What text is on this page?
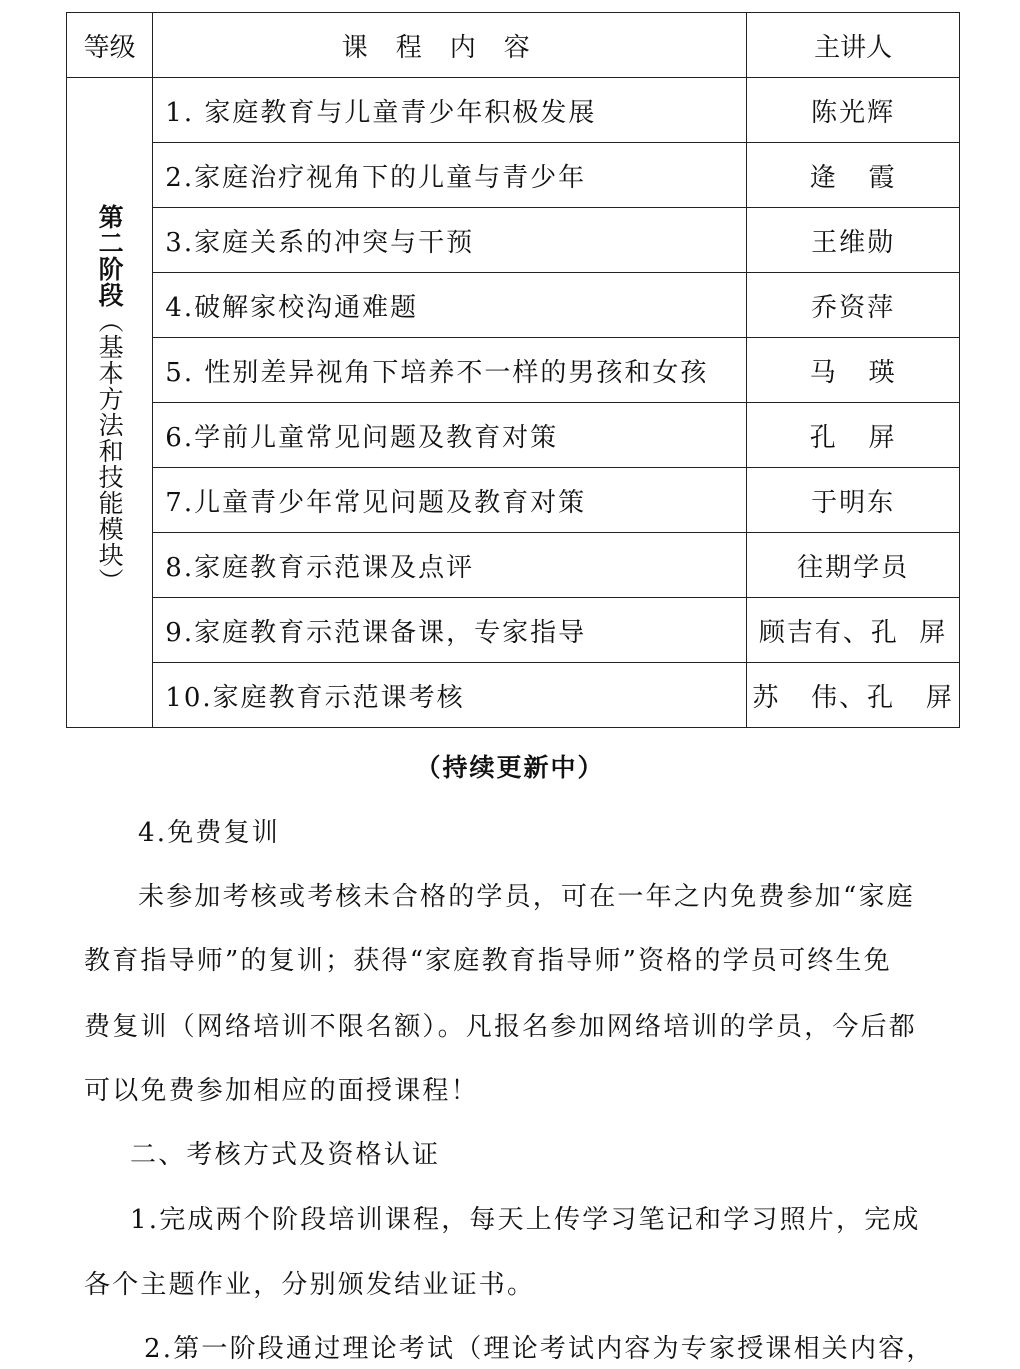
等级	课程内容	主讲人
第二阶段（基本方法和技能模块）	1. 家庭教育与儿童青少年积极发展	陈光辉
	2.家庭治疗视角下的儿童与青少年	逄   霞
	3.家庭关系的冲突与干预	王维勋
	4.破解家校沟通难题	乔资萍
	5. 性别差异视角下培养不一样的男孩和女孩	马   瑛
	6.学前儿童常见问题及教育对策	孔   屏
	7.儿童青少年常见问题及教育对策	于明东
	8.家庭教育示范课及点评	往期学员
	9.家庭教育示范课备课，专家指导	顾吉有、孔  屏
	10.家庭教育示范课考核	苏   伟、孔   屏
（持续更新中）
4.免费复训
未参加考核或考核未合格的学员，可在一年之内免费参加“家庭
教育指导师”的复训；获得“家庭教育指导师”资格的学员可终生免
费复训（网络培训不限名额）。凡报名参加网络培训的学员，今后都
可以免费参加相应的面授课程！
二、考核方式及资格认证
1.完成两个阶段培训课程，每天上传学习笔记和学习照片，完成
各个主题作业，分别颁发结业证书。
2.第一阶段通过理论考试（理论考试内容为专家授课相关内容，
